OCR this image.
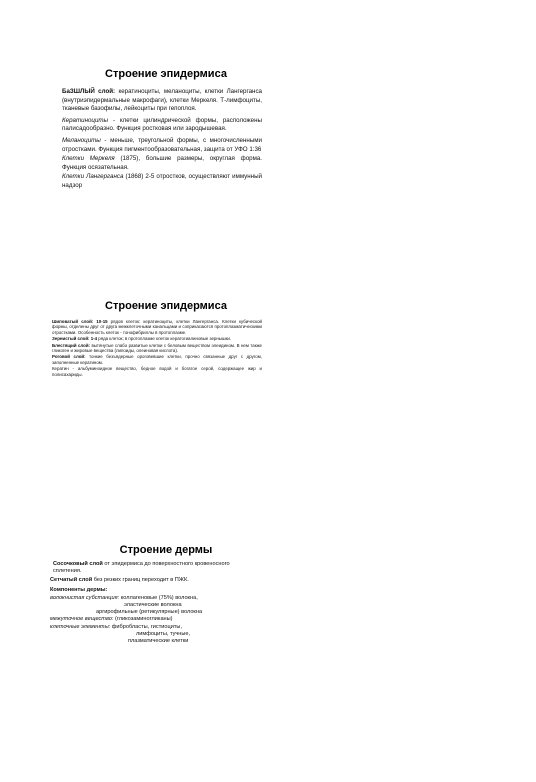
Строение эпидермиса

БаЗШЛЫЙ слой: кератиноциты, меланоциты, клетки Лангерганса (внутриэпидермальные макрофаги), клетки Меркеля. Т-лимфоциты, тканевые базофилы, лейкоциты при гепоплоя.

Кератиноциты - клетки цилиндрической формы, расположены палисадообразно. Функция ростковая или зародышевая.

Меланоциты - меньше, треугольной формы, с многочисленными отростками. Функция пигментообразовательная, защита от УФО 1:36

Клетки Меркеля (1875), большие размеры, округлая форма. Функция осязательная.

Клетки Лангерганса (1868) 2-5 отростков, осуществляют иммунный надзор

Строение эпидермиса

Шиповатый слой: 10-15 рядов клеток: кератиноциты, клетки Лангерганса. Клетки кубической формы, отделены друг от друга межклеточными канальцами и соприкасаются протоплазматическими отростками. Особенность клеток - тонофибриллы в протоплазме.

Зернистый слой: 1-4 ряда клеток; в протоплазме клеток кератогиалиновые зернышки.

Блестящий слой: вытянутые слабо развитые клетки с беловым веществом элеидином. В нем также гликоген и жировые вещества (липоиды, олеиновая кислота).

Роговой слой: тонкие безъядерные ороговевшие клетки, прочно связанные друг с другом, заполненные кератином.

Кератин - альбуминоидное вещество, бедное водой и богатое серой, содержащее жир и полисахариды.

Строение дермы

Сосочковый слой от эпидермиса до поверхностного кровеносного сплетения.

Сетчатый слой без резких границ переходит в ПЖК.

Компоненты дермы:

волокнистая субстанция: коллагеновые (75%) волокна,

эластические волокна

аргирофильные (ретикулярные) волокна

межуточное вещество: (гликозаминогликаны)

клеточные элементы: фибробласты, гистиоциты,

лимфоциты, тучные,

плазматические клетки
